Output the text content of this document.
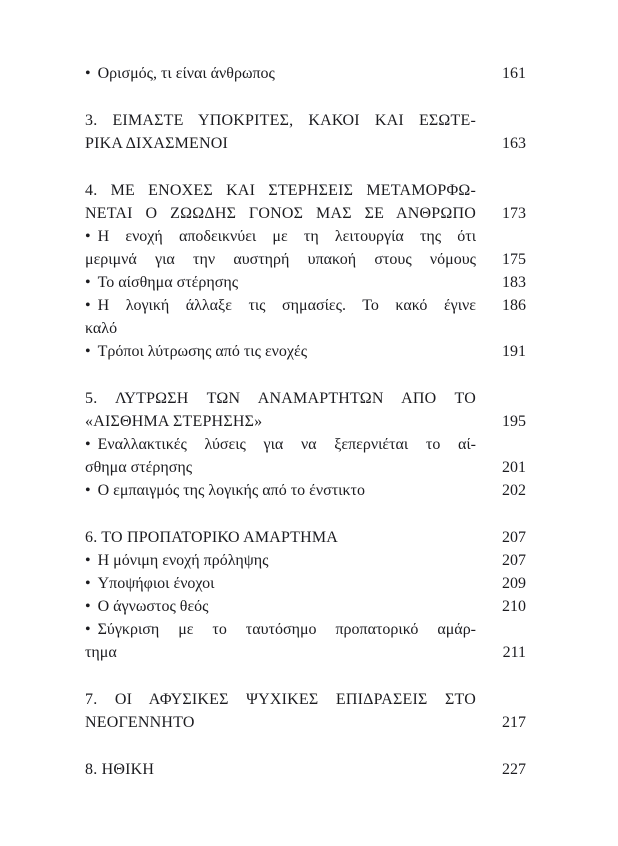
• Ορισμός, τι είναι άνθρωπος	161
3. ΕΙΜΑΣΤΕ ΥΠΟΚΡΙΤΕΣ, ΚΑΚΟΙ ΚΑΙ ΕΣΩΤΕ-
ΡΙΚΑ ΔΙΧΑΣΜΕΝΟΙ	163
4. ΜΕ ΕΝΟΧΕΣ ΚΑΙ ΣΤΕΡΗΣΕΙΣ ΜΕΤΑΜΟΡΦΩ-
ΝΕΤΑΙ Ο ΖΩΩΔΗΣ ΓΟΝΟΣ ΜΑΣ ΣΕ ΑΝΘΡΩΠΟ	173
• Η ενοχή αποδεικνύει με τη λειτουργία της ότι
μεριμνά για την αυστηρή υπακοή στους νόμους	175
• Το αίσθημα στέρησης	183
• Η λογική άλλαξε τις σημασίες. Το κακό έγινε	186
καλό
• Τρόποι λύτρωσης από τις ενοχές	191
5. ΛΥΤΡΩΣΗ ΤΩΝ ΑΝΑΜΑΡΤΗΤΩΝ ΑΠΟ ΤΟ
«ΑΙΣΘΗΜΑ ΣΤΕΡΗΣΗΣ»	195
• Εναλλακτικές λύσεις για να ξεπερνιέται το αί-
σθημα στέρησης	201
• Ο εμπαιγμός της λογικής από το ένστικτο	202
6. ΤΟ ΠΡΟΠΑΤΟΡΙΚΟ ΑΜΑΡΤΗΜΑ	207
• Η μόνιμη ενοχή πρόληψης	207
• Υποψήφιοι ένοχοι	209
• Ο άγνωστος θεός	210
• Σύγκριση με το ταυτόσημο προπατορικό αμάρ-
τημα	211
7. ΟΙ ΑΦΥΣΙΚΕΣ ΨΥΧΙΚΕΣ ΕΠΙΔΡΑΣΕΙΣ ΣΤΟ
ΝΕΟΓΕΝΝΗΤΟ	217
8. ΗΘΙΚΗ	227
